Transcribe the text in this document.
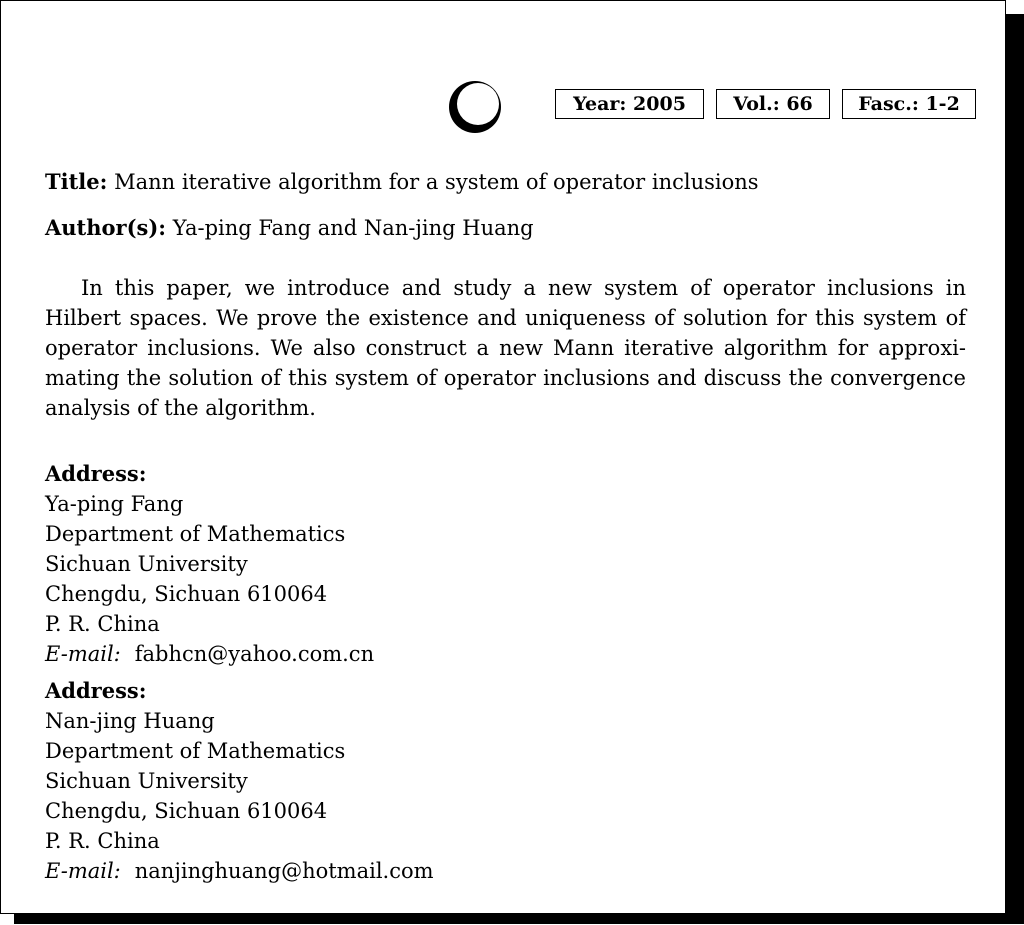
Year: 2005	Vol.: 66	Fasc.: 1-2
Title: Mann iterative algorithm for a system of operator inclusions
Author(s): Ya-ping Fang and Nan-jing Huang
In this paper, we introduce and study a new system of operator inclusions in Hilbert spaces. We prove the existence and uniqueness of solution for this system of operator inclusions. We also construct a new Mann iterative algorithm for approximating the solution of this system of operator inclusions and discuss the convergence analysis of the algorithm.
Address:
Ya-ping Fang
Department of Mathematics
Sichuan University
Chengdu, Sichuan 610064
P. R. China
E-mail: fabhcn@yahoo.com.cn
Address:
Nan-jing Huang
Department of Mathematics
Sichuan University
Chengdu, Sichuan 610064
P. R. China
E-mail: nanjinghuang@hotmail.com
